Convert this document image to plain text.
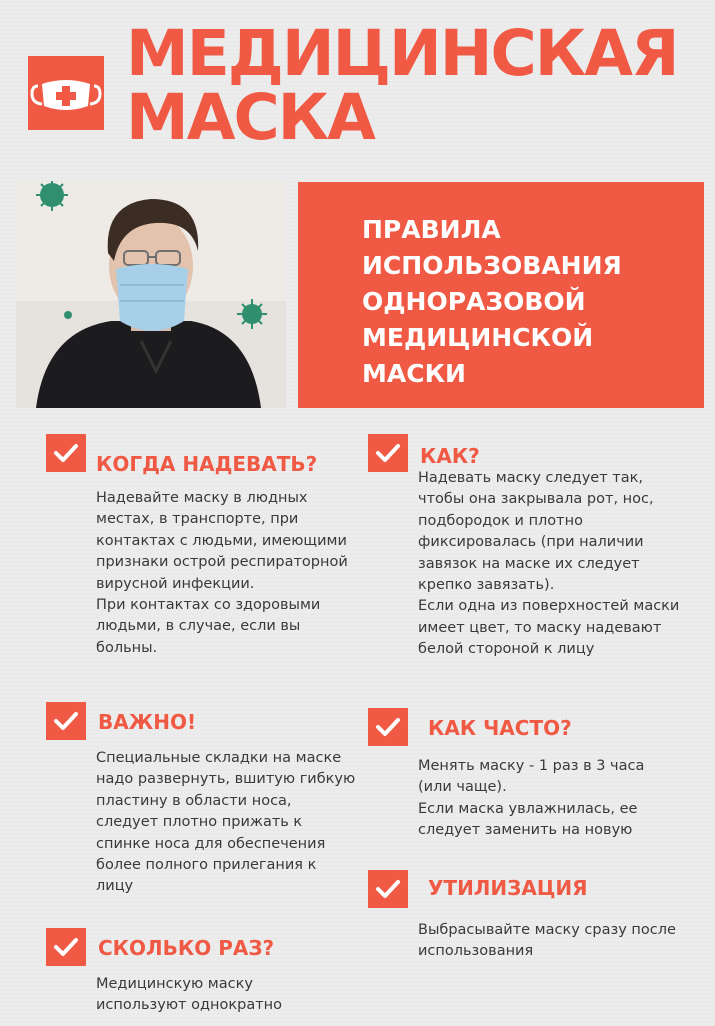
МЕДИЦИНСКАЯ
МАСКА
ПРАВИЛА
ИСПОЛЬЗОВАНИЯ
ОДНОРАЗОВОЙ
МЕДИЦИНСКОЙ
МАСКИ
КОГДА НАДЕВАТЬ?

Надевайте маску в людных местах, в транспорте, при контактах с людьми, имеющими признаки острой респираторной вирусной инфекции.

При контактах со здоровыми людьми, в случае, если вы больны.

КАК?

Надевать маску следует так, чтобы она закрывала рот, нос, подбородок и плотно фиксировалась (при наличии завязок на маске их следует крепко завязать).

Если одна из поверхностей маски имеет цвет, то маску надевают белой стороной к лицу

ВАЖНО!

Специальные складки на маске надо развернуть, вшитую гибкую пластину в области носа, следует плотно прижать к спинке носа для обеспечения более полного прилегания к лицу

КАК ЧАСТО?

Менять маску - 1 раз в 3 часа (или чаще).

Если маска увлажнилась, ее следует заменить на новую

УТИЛИЗАЦИЯ

Выбрасывайте маску сразу после использования

СКОЛЬКО РАЗ?

Медицинскую маску используют однократно
